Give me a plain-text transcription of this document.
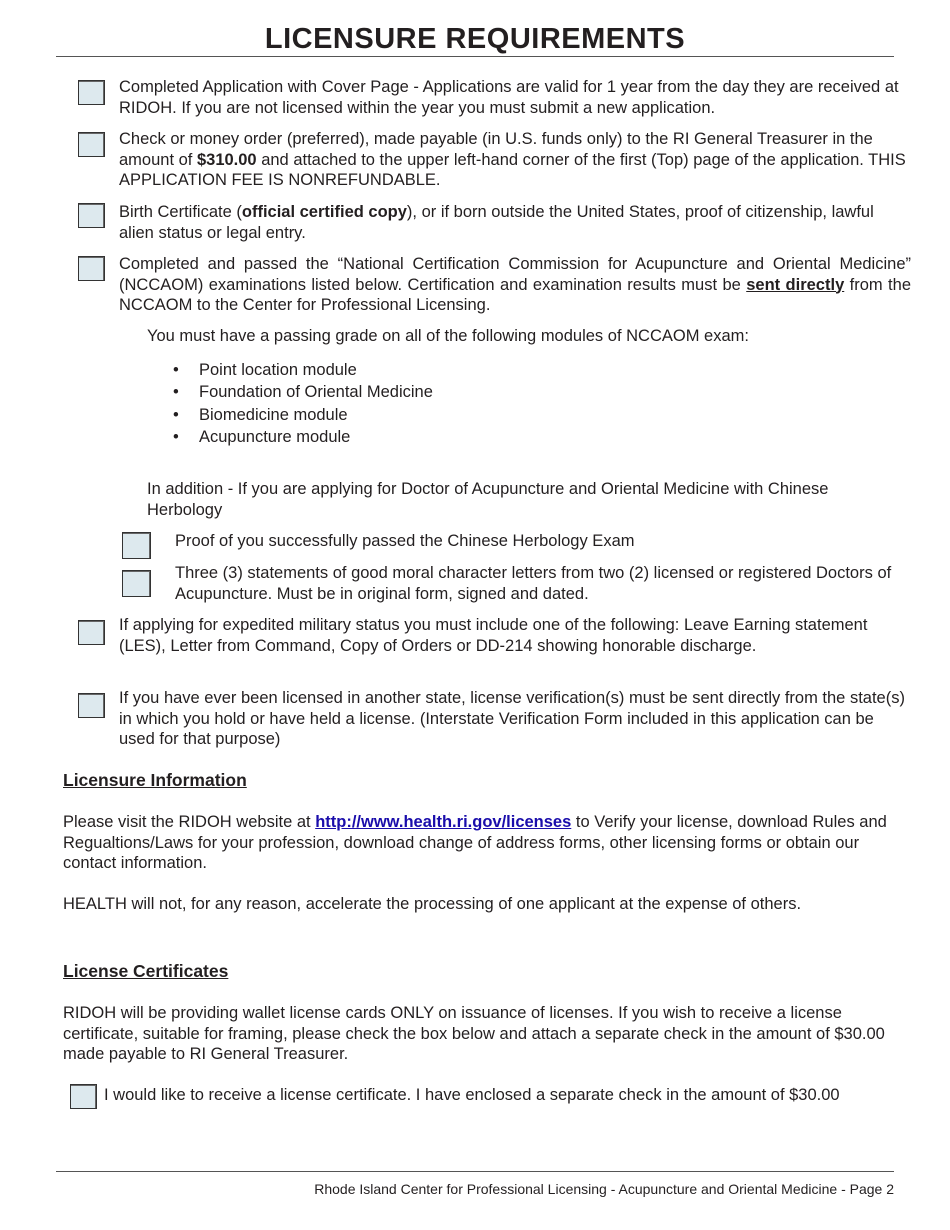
LICENSURE REQUIREMENTS
Completed Application with Cover Page - Applications are valid for 1 year from the day they are received at RIDOH. If you are not licensed within the year you must submit a new application.
Check or money order (preferred), made payable (in U.S. funds only) to the RI General Treasurer in the amount of $310.00 and attached to the upper left-hand corner of the first (Top) page of the application. THIS APPLICATION FEE IS NONREFUNDABLE.
Birth Certificate (official certified copy), or if born outside the United States, proof of citizenship, lawful alien status or legal entry.
Completed and passed the “National Certification Commission for Acupuncture and Oriental Medicine” (NCCAOM) examinations listed below. Certification and examination results must be sent directly from the NCCAOM to the Center for Professional Licensing.
You must have a passing grade on all of the following modules of NCCAOM exam:
• Point location module
• Foundation of Oriental Medicine
• Biomedicine module
• Acupuncture module
In addition - If you are applying for Doctor of Acupuncture and Oriental Medicine with Chinese Herbology
Proof of you successfully passed the Chinese Herbology Exam
Three (3) statements of good moral character letters from two (2) licensed or registered Doctors of Acupuncture. Must be in original form, signed and dated.
If applying for expedited military status you must include one of the following: Leave Earning statement (LES), Letter from Command, Copy of Orders or DD-214 showing honorable discharge.
If you have ever been licensed in another state, license verification(s) must be sent directly from the state(s) in which you hold or have held a license. (Interstate Verification Form included in this application can be used for that purpose)
Licensure Information
Please visit the RIDOH website at http://www.health.ri.gov/licenses to Verify your license, download Rules and Regualtions/Laws for your profession, download change of address forms, other licensing forms or obtain our contact information.
HEALTH will not, for any reason, accelerate the processing of one applicant at the expense of others.
License Certificates
RIDOH will be providing wallet license cards ONLY on issuance of licenses. If you wish to receive a license certificate, suitable for framing, please check the box below and attach a separate check in the amount of $30.00 made payable to RI General Treasurer.
I would like to receive a license certificate. I have enclosed a separate check in the amount of $30.00
Rhode Island Center for Professional Licensing - Acupuncture and Oriental Medicine - Page 2
